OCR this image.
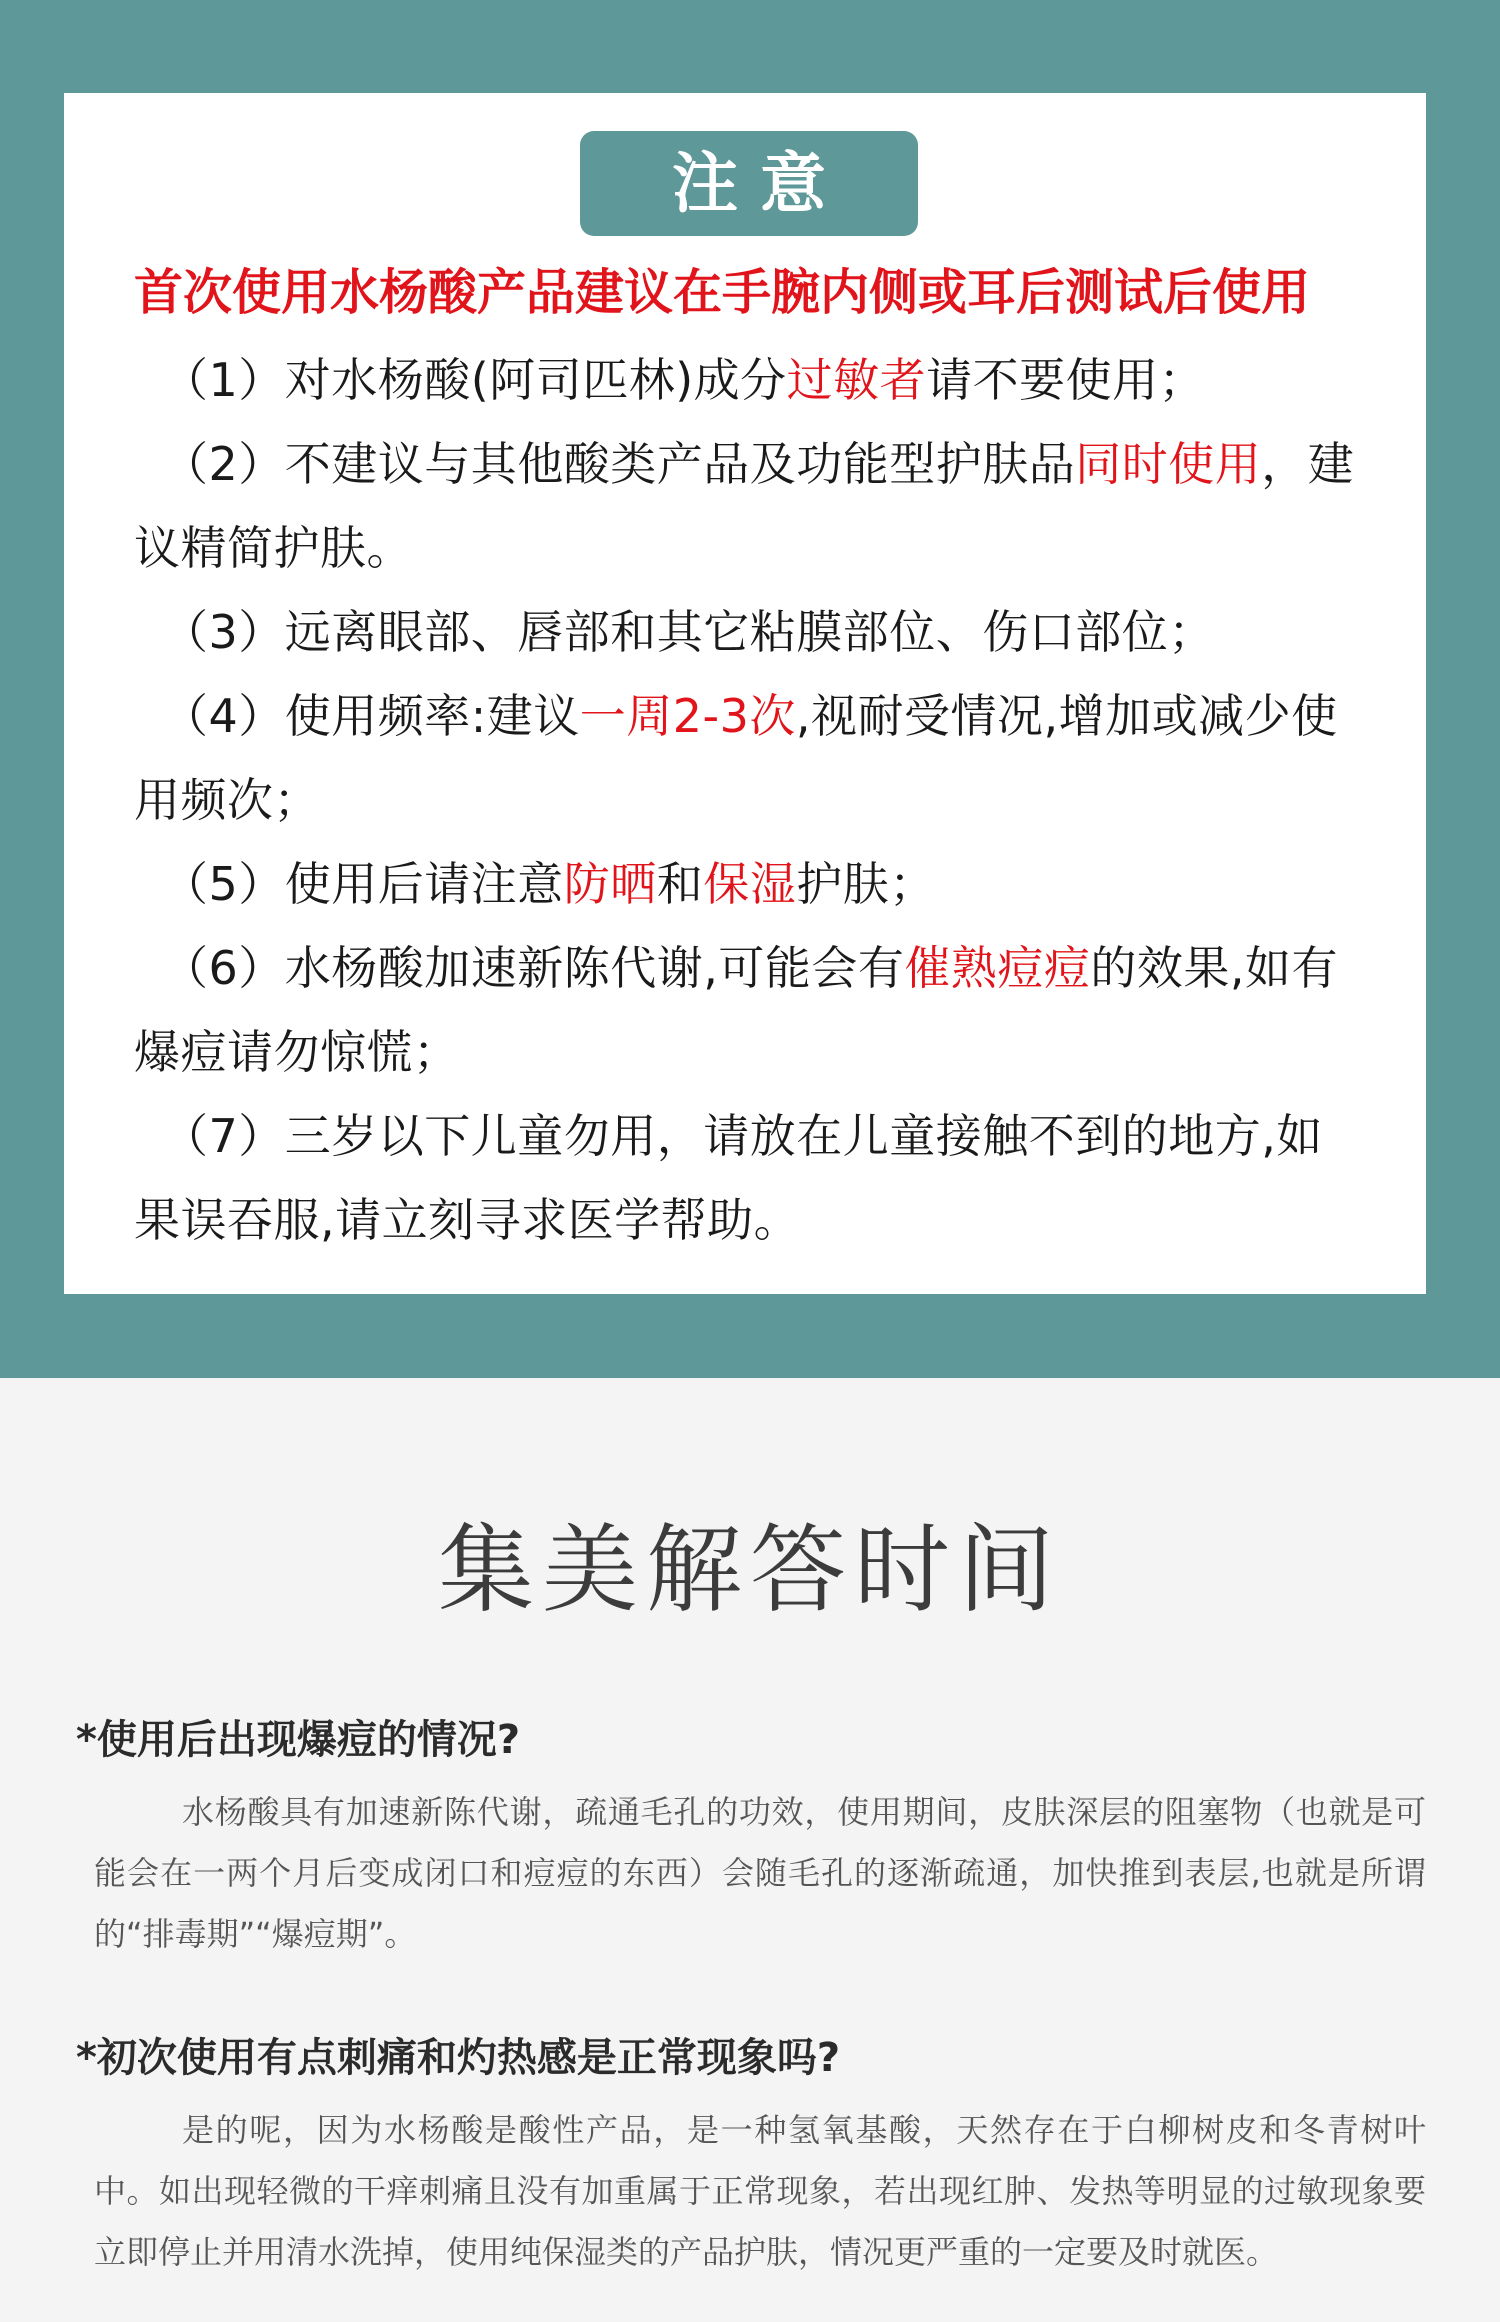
注意
首次使用水杨酸产品建议在手腕内侧或耳后测试后使用
（1）对水杨酸(阿司匹林)成分过敏者请不要使用；
（2）不建议与其他酸类产品及功能型护肤品同时使用，建议精简护肤。
（3）远离眼部、唇部和其它粘膜部位、伤口部位；
（4）使用频率:建议一周2-3次,视耐受情况,增加或减少使用频次；
（5）使用后请注意防晒和保湿护肤；
（6）水杨酸加速新陈代谢,可能会有催熟痘痘的效果,如有爆痘请勿惊慌；
（7）三岁以下儿童勿用，请放在儿童接触不到的地方,如果误吞服,请立刻寻求医学帮助。
集美解答时间

*使用后出现爆痘的情况?

水杨酸具有加速新陈代谢，疏通毛孔的功效，使用期间，皮肤深层的阻塞物（也就是可能会在一两个月后变成闭口和痘痘的东西）会随毛孔的逐渐疏通，加快推到表层,也就是所谓的“排毒期”“爆痘期”。

*初次使用有点刺痛和灼热感是正常现象吗?

是的呢，因为水杨酸是酸性产品，是一种氢氧基酸，天然存在于白柳树皮和冬青树叶中。如出现轻微的干痒刺痛且没有加重属于正常现象，若出现红肿、发热等明显的过敏现象要立即停止并用清水洗掉，使用纯保湿类的产品护肤，情况更严重的一定要及时就医。
